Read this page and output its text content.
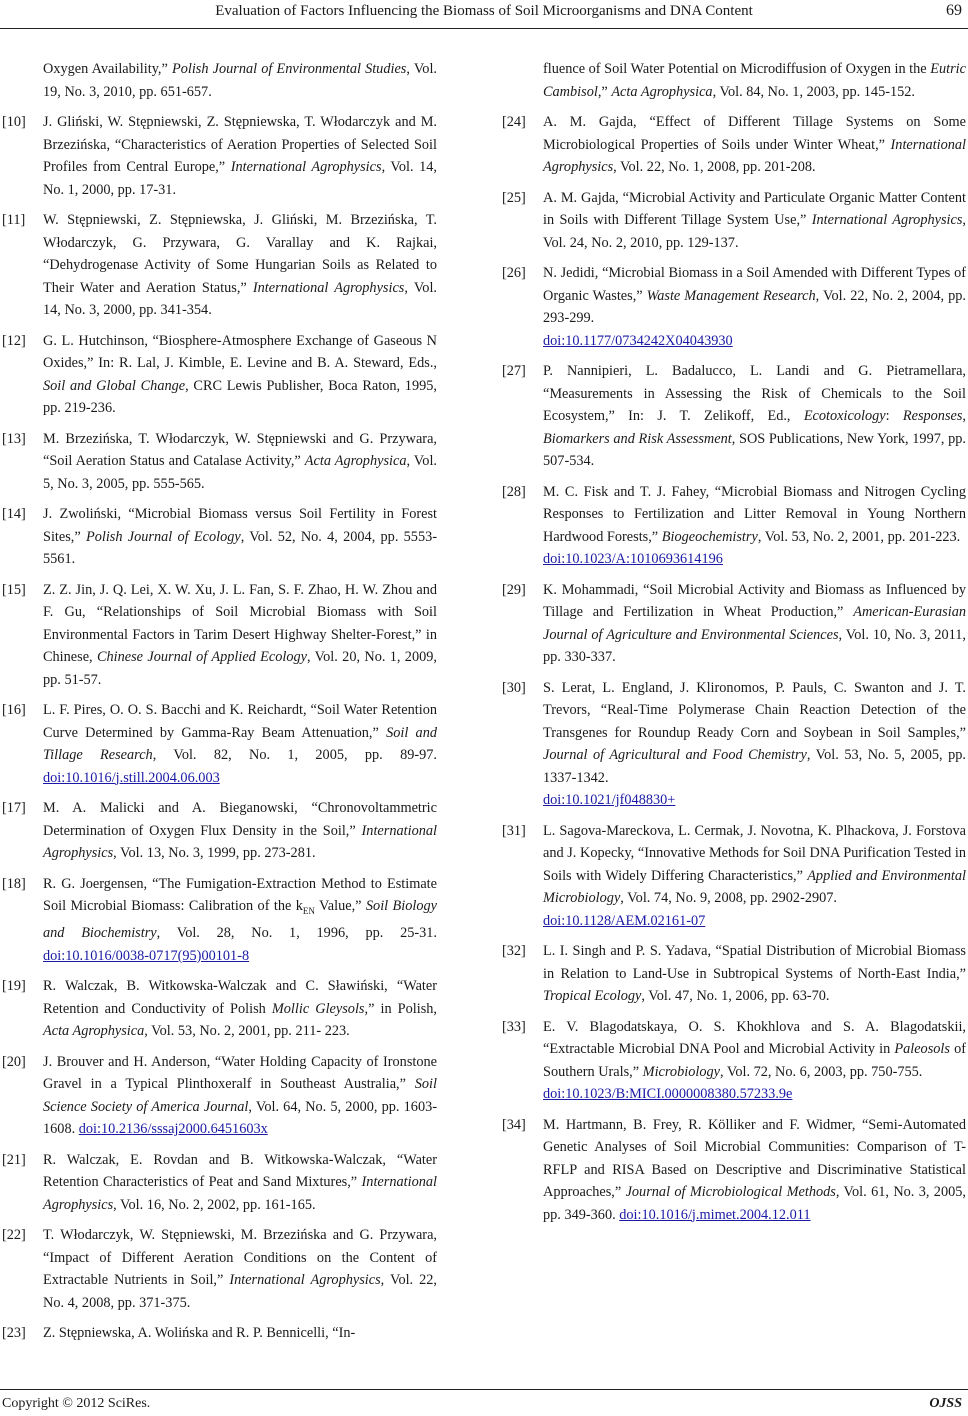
Evaluation of Factors Influencing the Biomass of Soil Microorganisms and DNA Content	69
Oxygen Availability,” Polish Journal of Environmental Studies, Vol. 19, No. 3, 2010, pp. 651-657.
[10]	J. Gliński, W. Stępniewski, Z. Stępniewska, T. Włodarczyk and M. Brzezińska, “Characteristics of Aeration Properties of Selected Soil Profiles from Central Europe,” International Agrophysics, Vol. 14, No. 1, 2000, pp. 17-31.
[11]	W. Stępniewski, Z. Stępniewska, J. Gliński, M. Brzezińska, T. Włodarczyk, G. Przywara, G. Varallay and K. Rajkai, “Dehydrogenase Activity of Some Hungarian Soils as Related to Their Water and Aeration Status,” International Agrophysics, Vol. 14, No. 3, 2000, pp. 341-354.
[12]	G. L. Hutchinson, “Biosphere-Atmosphere Exchange of Gaseous N Oxides,” In: R. Lal, J. Kimble, E. Levine and B. A. Steward, Eds., Soil and Global Change, CRC Lewis Publisher, Boca Raton, 1995, pp. 219-236.
[13]	M. Brzezińska, T. Włodarczyk, W. Stępniewski and G. Przywara, “Soil Aeration Status and Catalase Activity,” Acta Agrophysica, Vol. 5, No. 3, 2005, pp. 555-565.
[14]	J. Zwoliński, “Microbial Biomass versus Soil Fertility in Forest Sites,” Polish Journal of Ecology, Vol. 52, No. 4, 2004, pp. 5553-5561.
[15]	Z. Z. Jin, J. Q. Lei, X. W. Xu, J. L. Fan, S. F. Zhao, H. W. Zhou and F. Gu, “Relationships of Soil Microbial Biomass with Soil Environmental Factors in Tarim Desert Highway Shelter-Forest,” in Chinese, Chinese Journal of Applied Ecology, Vol. 20, No. 1, 2009, pp. 51-57.
[16]	L. F. Pires, O. O. S. Bacchi and K. Reichardt, “Soil Water Retention Curve Determined by Gamma-Ray Beam Attenuation,” Soil and Tillage Research, Vol. 82, No. 1, 2005, pp. 89-97. doi:10.1016/j.still.2004.06.003
[17]	M. A. Malicki and A. Bieganowski, “Chronovoltammetric Determination of Oxygen Flux Density in the Soil,” International Agrophysics, Vol. 13, No. 3, 1999, pp. 273-281.
[18]	R. G. Joergensen, “The Fumigation-Extraction Method to Estimate Soil Microbial Biomass: Calibration of the $k_{EN}$ Value,” Soil Biology and Biochemistry, Vol. 28, No. 1, 1996, pp. 25-31. doi:10.1016/0038-0717(95)00101-8
[19]	R. Walczak, B. Witkowska-Walczak and C. Sławiński, “Water Retention and Conductivity of Polish Mollic Gleysols,” in Polish, Acta Agrophysica, Vol. 53, No. 2, 2001, pp. 211- 223.
[20]	J. Brouver and H. Anderson, “Water Holding Capacity of Ironstone Gravel in a Typical Plinthoxeralf in Southeast Australia,” Soil Science Society of America Journal, Vol. 64, No. 5, 2000, pp. 1603-1608. doi:10.2136/sssaj2000.6451603x
[21]	R. Walczak, E. Rovdan and B. Witkowska-Walczak, “Water Retention Characteristics of Peat and Sand Mixtures,” International Agrophysics, Vol. 16, No. 2, 2002, pp. 161-165.
[22]	T. Włodarczyk, W. Stępniewski, M. Brzezińska and G. Przywara, “Impact of Different Aeration Conditions on the Content of Extractable Nutrients in Soil,” International Agrophysics, Vol. 22, No. 4, 2008, pp. 371-375.
[23]	Z. Stępniewska, A. Wolińska and R. P. Bennicelli, “In-
fluence of Soil Water Potential on Microdiffusion of Oxygen in the Eutric Cambisol,” Acta Agrophysica, Vol. 84, No. 1, 2003, pp. 145-152.
[24]	A. M. Gajda, “Effect of Different Tillage Systems on Some Microbiological Properties of Soils under Winter Wheat,” International Agrophysics, Vol. 22, No. 1, 2008, pp. 201-208.
[25]	A. M. Gajda, “Microbial Activity and Particulate Organic Matter Content in Soils with Different Tillage System Use,” International Agrophysics, Vol. 24, No. 2, 2010, pp. 129-137.
[26]	N. Jedidi, “Microbial Biomass in a Soil Amended with Different Types of Organic Wastes,” Waste Management Research, Vol. 22, No. 2, 2004, pp. 293-299.
doi:10.1177/0734242X04043930
[27]	P. Nannipieri, L. Badalucco, L. Landi and G. Pietramellara, “Measurements in Assessing the Risk of Chemicals to the Soil Ecosystem,” In: J. T. Zelikoff, Ed., Ecotoxicology: Responses, Biomarkers and Risk Assessment, SOS Publications, New York, 1997, pp. 507-534.
[28]	M. C. Fisk and T. J. Fahey, “Microbial Biomass and Nitrogen Cycling Responses to Fertilization and Litter Removal in Young Northern Hardwood Forests,” Biogeochemistry, Vol. 53, No. 2, 2001, pp. 201-223.
doi:10.1023/A:1010693614196
[29]	K. Mohammadi, “Soil Microbial Activity and Biomass as Influenced by Tillage and Fertilization in Wheat Production,” American-Eurasian Journal of Agriculture and Environmental Sciences, Vol. 10, No. 3, 2011, pp. 330-337.
[30]	S. Lerat, L. England, J. Klironomos, P. Pauls, C. Swanton and J. T. Trevors, “Real-Time Polymerase Chain Reaction Detection of the Transgenes for Roundup Ready Corn and Soybean in Soil Samples,” Journal of Agricultural and Food Chemistry, Vol. 53, No. 5, 2005, pp. 1337-1342.
doi:10.1021/jf048830+
[31]	L. Sagova-Mareckova, L. Cermak, J. Novotna, K. Plhackova, J. Forstova and J. Kopecky, “Innovative Methods for Soil DNA Purification Tested in Soils with Widely Differing Characteristics,” Applied and Environmental Microbiology, Vol. 74, No. 9, 2008, pp. 2902-2907.
doi:10.1128/AEM.02161-07
[32]	L. I. Singh and P. S. Yadava, “Spatial Distribution of Microbial Biomass in Relation to Land-Use in Subtropical Systems of North-East India,” Tropical Ecology, Vol. 47, No. 1, 2006, pp. 63-70.
[33]	E. V. Blagodatskaya, O. S. Khokhlova and S. A. Blagodatskii, “Extractable Microbial DNA Pool and Microbial Activity in Paleosols of Southern Urals,” Microbiology, Vol. 72, No. 6, 2003, pp. 750-755.
doi:10.1023/B:MICI.0000008380.57233.9e
[34]	M. Hartmann, B. Frey, R. Kölliker and F. Widmer, “Semi-Automated Genetic Analyses of Soil Microbial Communities: Comparison of T-RFLP and RISA Based on Descriptive and Discriminative Statistical Approaches,” Journal of Microbiological Methods, Vol. 61, No. 3, 2005, pp. 349-360. doi:10.1016/j.mimet.2004.12.011
Copyright © 2012 SciRes.	OJSS
